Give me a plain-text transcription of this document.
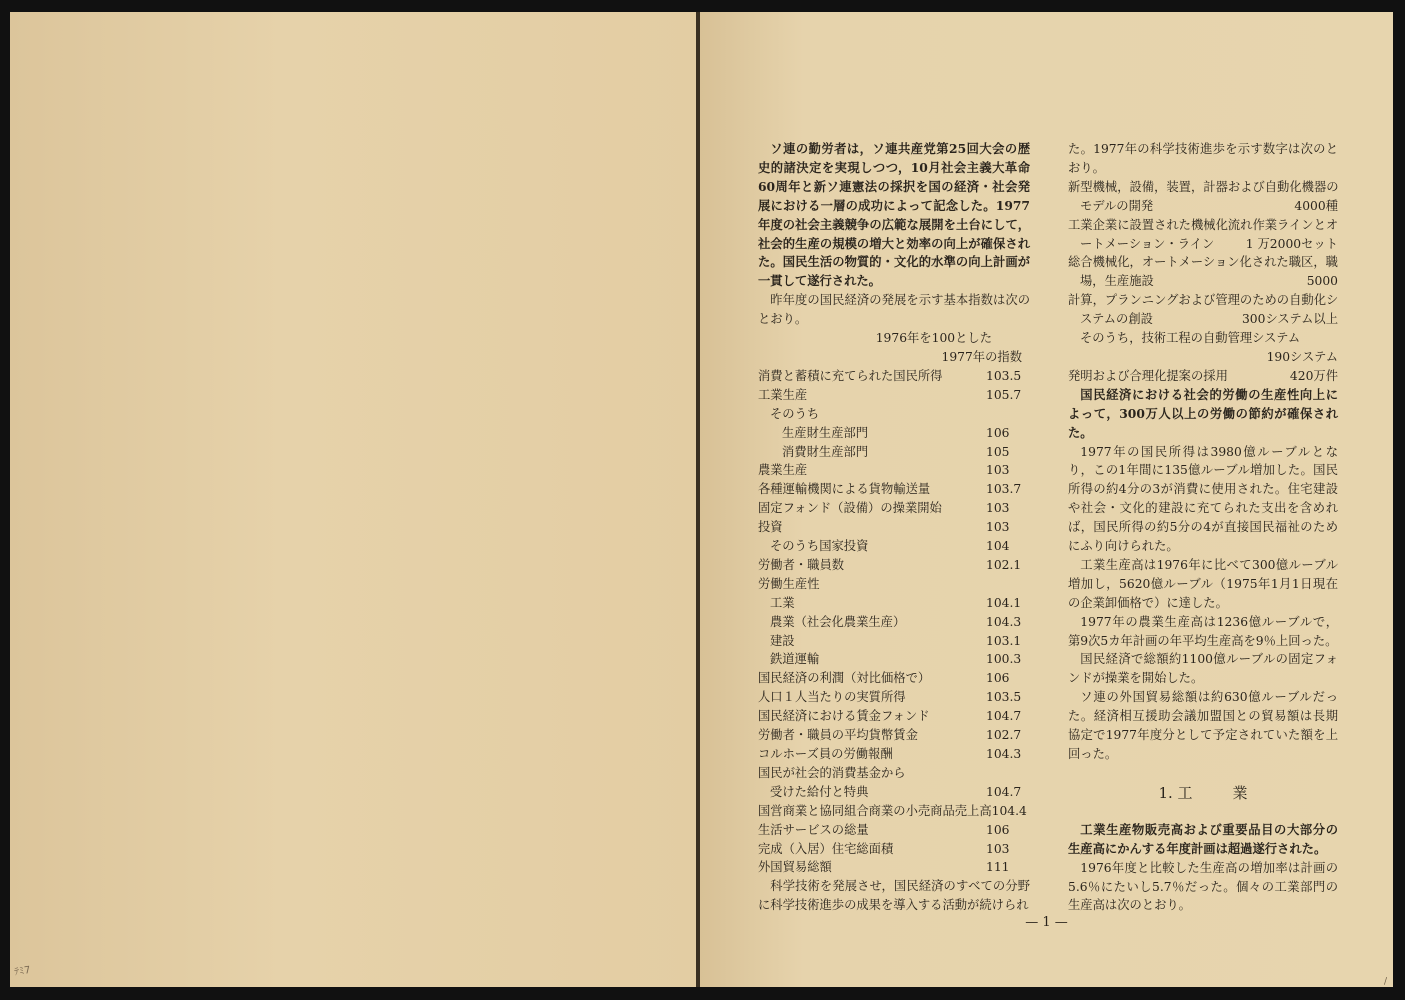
ﾃﾐ7

ソ連の勤労者は，ソ連共産党第25回大会の歴史的諸決定を実現しつつ，10月社会主義大革命60周年と新ソ連憲法の採択を国の経済・社会発展における一層の成功によって記念した。1977年度の社会主義競争の広範な展開を土台にして，社会的生産の規模の増大と効率の向上が確保された。国民生活の物質的・文化的水準の向上計画が一貫して遂行された。

昨年度の国民経済の発展を示す基本指数は次のとおり。

1976年を100とした
1977年の指数
消費と蓄積に充てられた国民所得	103.5
工業生産	105.7
そのうち
生産財生産部門	106
消費財生産部門	105
農業生産	103
各種運輸機関による貨物輸送量	103.7
固定フォンド（設備）の操業開始	103
投資	103
そのうち国家投資	104
労働者・職員数	102.1
労働生産性
工業	104.1
農業（社会化農業生産）	104.3
建設	103.1
鉄道運輸	100.3
国民経済の利潤（対比価格で）	106
人口１人当たりの実質所得	103.5
国民経済における賃金フォンド	104.7
労働者・職員の平均貨幣賃金	102.7
コルホーズ員の労働報酬	104.3
国民が社会的消費基金から
受けた給付と特典	104.7
国営商業と協同組合商業の小売商品売上高 104.4
生活サービスの総量	106
完成（入居）住宅総面積	103
外国貿易総額	111

科学技術を発展させ，国民経済のすべての分野に科学技術進歩の成果を導入する活動が続けられ

た。1977年の科学技術進歩を示す数字は次のとおり。

新型機械，設備，装置，計器および自動化機器の
モデルの開発	4000種
工業企業に設置された機械化流れ作業ラインとオ
ートメーション・ライン	1 万2000セット
総合機械化，オートメーション化された職区，職
場，生産施設	5000
計算，プランニングおよび管理のための自動化シ
ステムの創設	300システム以上
そのうち，技術工程の自動管理システム
190システム
発明および合理化提案の採用	420万件

国民経済における社会的労働の生産性向上によって，300万人以上の労働の節約が確保された。

1977年の国民所得は3980億ルーブルとなり，この1年間に135億ルーブル増加した。国民所得の約4分の3が消費に使用された。住宅建設や社会・文化的建設に充てられた支出を含めれば，国民所得の約5分の4が直接国民福祉のためにふり向けられた。

工業生産高は1976年に比べて300億ルーブル増加し，5620億ルーブル（1975年1月1日現在の企業卸価格で）に達した。

1977年の農業生産高は1236億ルーブルで，第9次5カ年計画の年平均生産高を9％上回った。

国民経済で総額約1100億ルーブルの固定フォンドが操業を開始した。

ソ連の外国貿易総額は約630億ルーブルだった。経済相互援助会議加盟国との貿易額は長期協定で1977年度分として予定されていた額を上回った。

1. 工	業

工業生産物販売高および重要品目の大部分の生産高にかんする年度計画は超過遂行された。

1976年度と比較した生産高の増加率は計画の5.6％にたいし5.7％だった。個々の工業部門の生産高は次のとおり。

— 1 —
/
